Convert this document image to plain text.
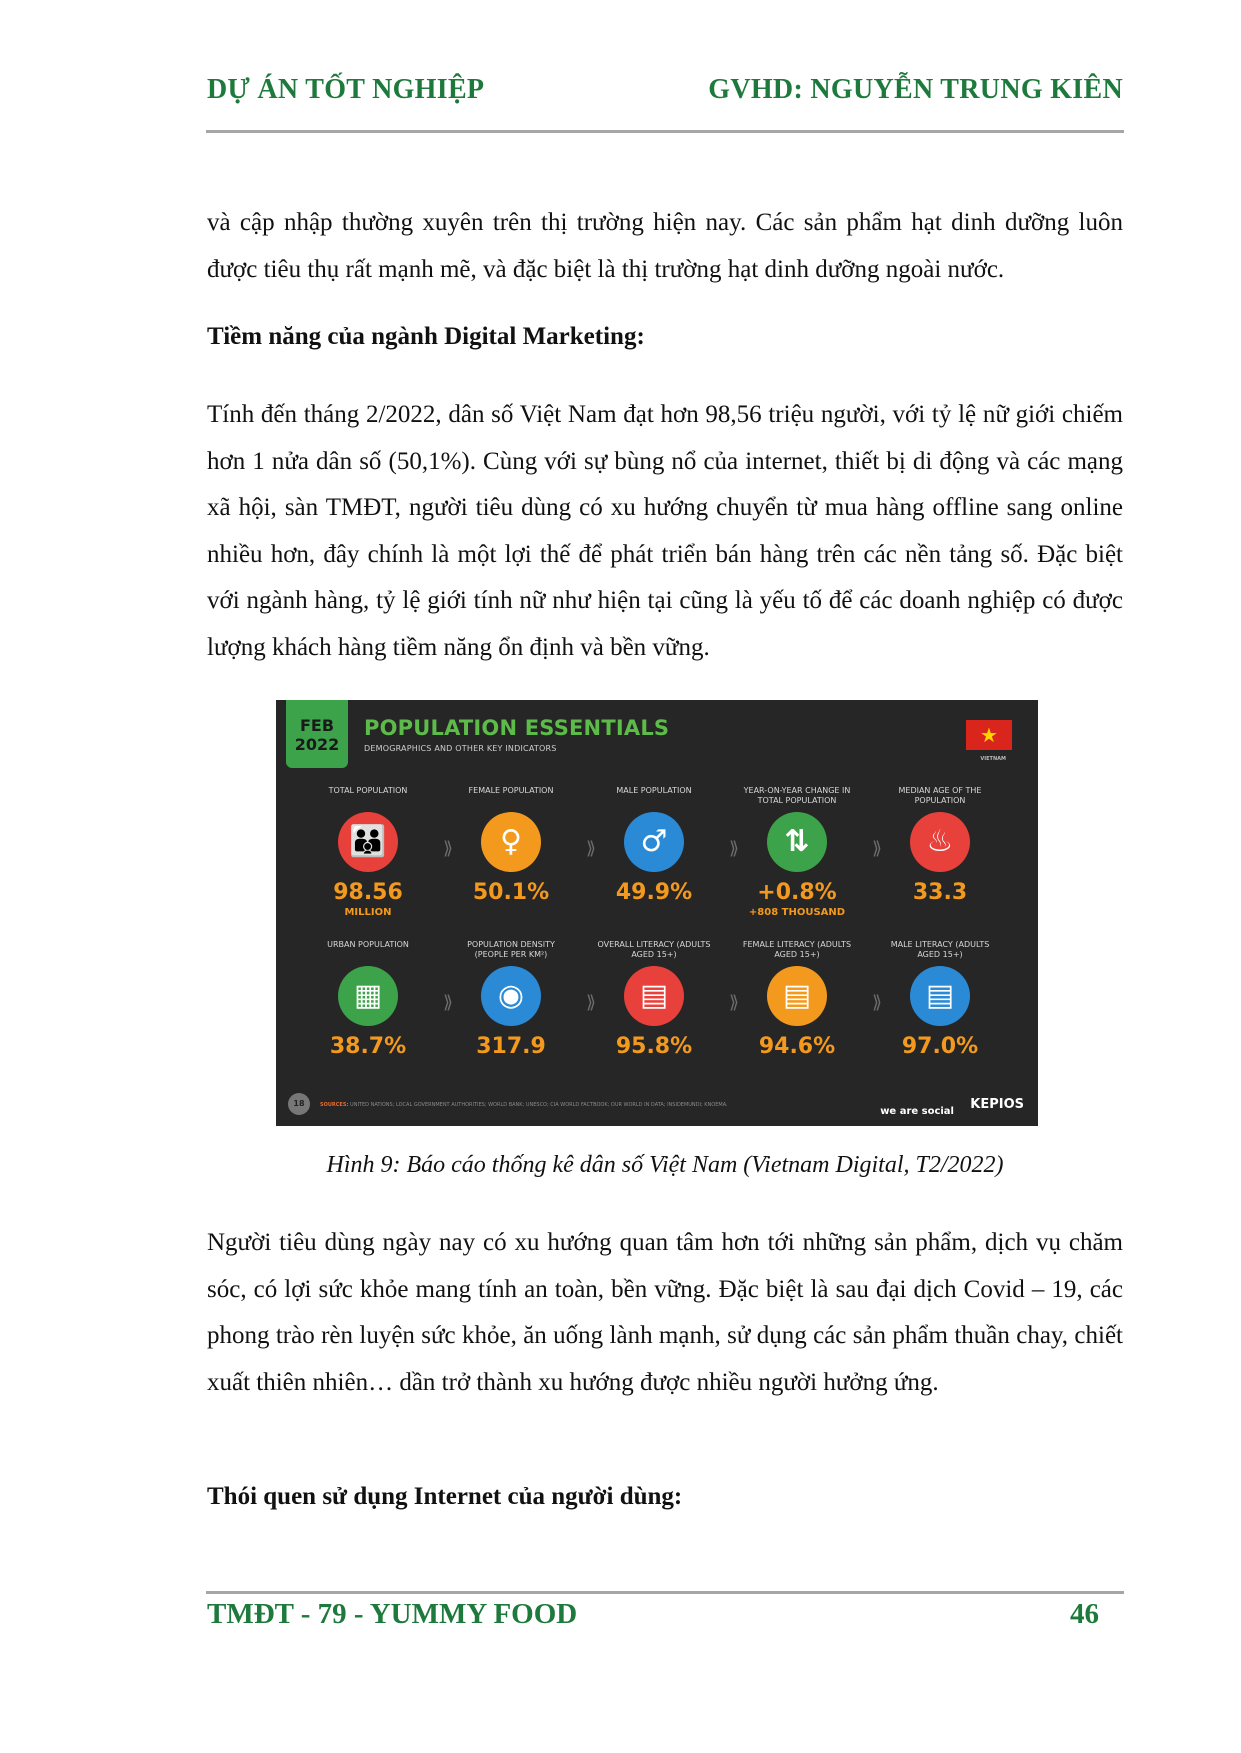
DỰ ÁN TỐT NGHIỆP	GVHD: NGUYỄN TRUNG KIÊN
và cập nhập thường xuyên trên thị trường hiện nay. Các sản phẩm hạt dinh dưỡng luôn được tiêu thụ rất mạnh mẽ, và đặc biệt là thị trường hạt dinh dưỡng ngoài nước.
Tiềm năng của ngành Digital Marketing:
Tính đến tháng 2/2022, dân số Việt Nam đạt hơn 98,56 triệu người, với tỷ lệ nữ giới chiếm hơn 1 nửa dân số (50,1%). Cùng với sự bùng nổ của internet, thiết bị di động và các mạng xã hội, sàn TMĐT, người tiêu dùng có xu hướng chuyển từ mua hàng offline sang online nhiều hơn, đây chính là một lợi thế để phát triển bán hàng trên các nền tảng số. Đặc biệt với ngành hàng, tỷ lệ giới tính nữ như hiện tại cũng là yếu tố để các doanh nghiệp có được lượng khách hàng tiềm năng ổn định và bền vững.
FEB
2022
POPULATION ESSENTIALS
DEMOGRAPHICS AND OTHER KEY INDICATORS
★
VIETNAM
TOTAL POPULATION
👪
98.56
MILLION
⟫
FEMALE POPULATION
♀
50.1%
⟫
MALE POPULATION
♂
49.9%
⟫
YEAR-ON-YEAR CHANGE IN TOTAL POPULATION
⇅
+0.8%
+808 THOUSAND
⟫
MEDIAN AGE OF THE POPULATION
♨
33.3
URBAN POPULATION
▦
38.7%
⟫
POPULATION DENSITY (PEOPLE PER KM²)
◉
317.9
⟫
OVERALL LITERACY (ADULTS AGED 15+)
▤
95.8%
⟫
FEMALE LITERACY (ADULTS AGED 15+)
▤
94.6%
⟫
MALE LITERACY (ADULTS AGED 15+)
▤
97.0%
18	SOURCES: UNITED NATIONS; LOCAL GOVERNMENT AUTHORITIES; WORLD BANK; UNESCO; CIA WORLD FACTBOOK; OUR WORLD IN DATA; INSIDEMUNDI; KNOEMA.
we are social KEPIOS
Hình 9: Báo cáo thống kê dân số Việt Nam (Vietnam Digital, T2/2022)
Người tiêu dùng ngày nay có xu hướng quan tâm hơn tới những sản phẩm, dịch vụ chăm sóc, có lợi sức khỏe mang tính an toàn, bền vững. Đặc biệt là sau đại dịch Covid – 19, các phong trào rèn luyện sức khỏe, ăn uống lành mạnh, sử dụng các sản phẩm thuần chay, chiết xuất thiên nhiên… dần trở thành xu hướng được nhiều người hưởng ứng.
Thói quen sử dụng Internet của người dùng:
TMĐT - 79 - YUMMY FOOD	46
